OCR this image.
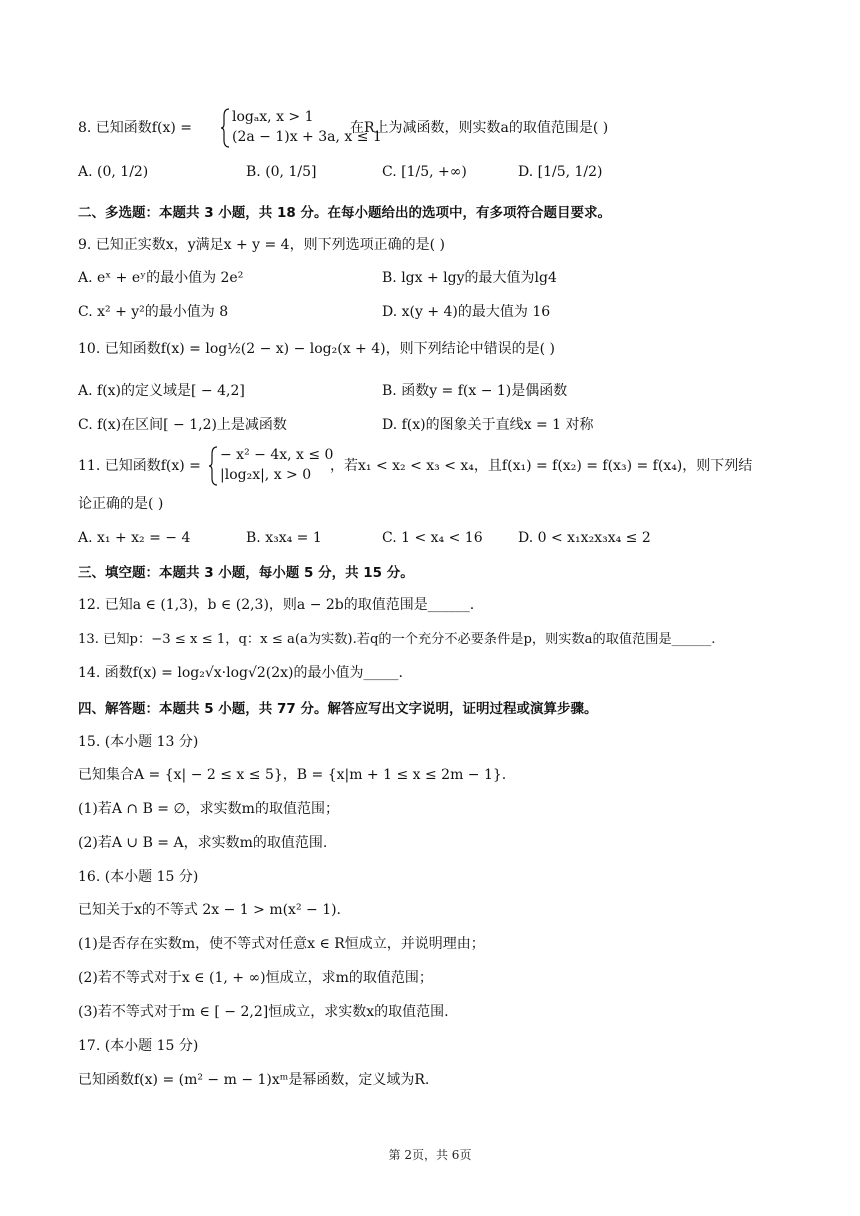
8. 已知函数f(x) =
logₐx, x > 1
(2a − 1)x + 3a, x ≤ 1
在R上为减函数，则实数a的取值范围是( )
A. (0, 1/2)	B. (0, 1/5]	C. [1/5, +∞)	D. [1/5, 1/2)
二、多选题：本题共 3 小题，共 18 分。在每小题给出的选项中，有多项符合题目要求。
9. 已知正实数x，y满足x + y = 4，则下列选项正确的是( )
A. eˣ + eʸ的最小值为 2e²	B. lgx + lgy的最大值为lg4
C. x² + y²的最小值为 8	D. x(y + 4)的最大值为 16
10. 已知函数f(x) = log½(2 − x) − log₂(x + 4)，则下列结论中错误的是( )
A. f(x)的定义域是[ − 4,2]	B. 函数y = f(x − 1)是偶函数
C. f(x)在区间[ − 1,2)上是减函数	D. f(x)的图象关于直线x = 1 对称
11. 已知函数f(x) =
− x² − 4x, x ≤ 0
|log₂x|, x > 0
，若x₁ < x₂ < x₃ < x₄，且f(x₁) = f(x₂) = f(x₃) = f(x₄)，则下列结
论正确的是( )
A. x₁ + x₂ = − 4	B. x₃x₄ = 1	C. 1 < x₄ < 16	D. 0 < x₁x₂x₃x₄ ≤ 2
三、填空题：本题共 3 小题，每小题 5 分，共 15 分。
12. 已知a ∈ (1,3)，b ∈ (2,3)，则a − 2b的取值范围是______.
13. 已知p：−3 ≤ x ≤ 1，q：x ≤ a(a为实数).若q的一个充分不必要条件是p，则实数a的取值范围是______.
14. 函数f(x) = log₂√x·log√2(2x)的最小值为_____.
四、解答题：本题共 5 小题，共 77 分。解答应写出文字说明，证明过程或演算步骤。
15. (本小题 13 分)
已知集合A = {x| − 2 ≤ x ≤ 5}，B = {x|m + 1 ≤ x ≤ 2m − 1}.
(1)若A ∩ B = ∅，求实数m的取值范围；
(2)若A ∪ B = A，求实数m的取值范围.
16. (本小题 15 分)
已知关于x的不等式 2x − 1 > m(x² − 1).
(1)是否存在实数m，使不等式对任意x ∈ R恒成立，并说明理由；
(2)若不等式对于x ∈ (1, + ∞)恒成立，求m的取值范围；
(3)若不等式对于m ∈ [ − 2,2]恒成立，求实数x的取值范围.
17. (本小题 15 分)
已知函数f(x) = (m² − m − 1)xᵐ是幂函数，定义域为R.
第 2页，共 6页
